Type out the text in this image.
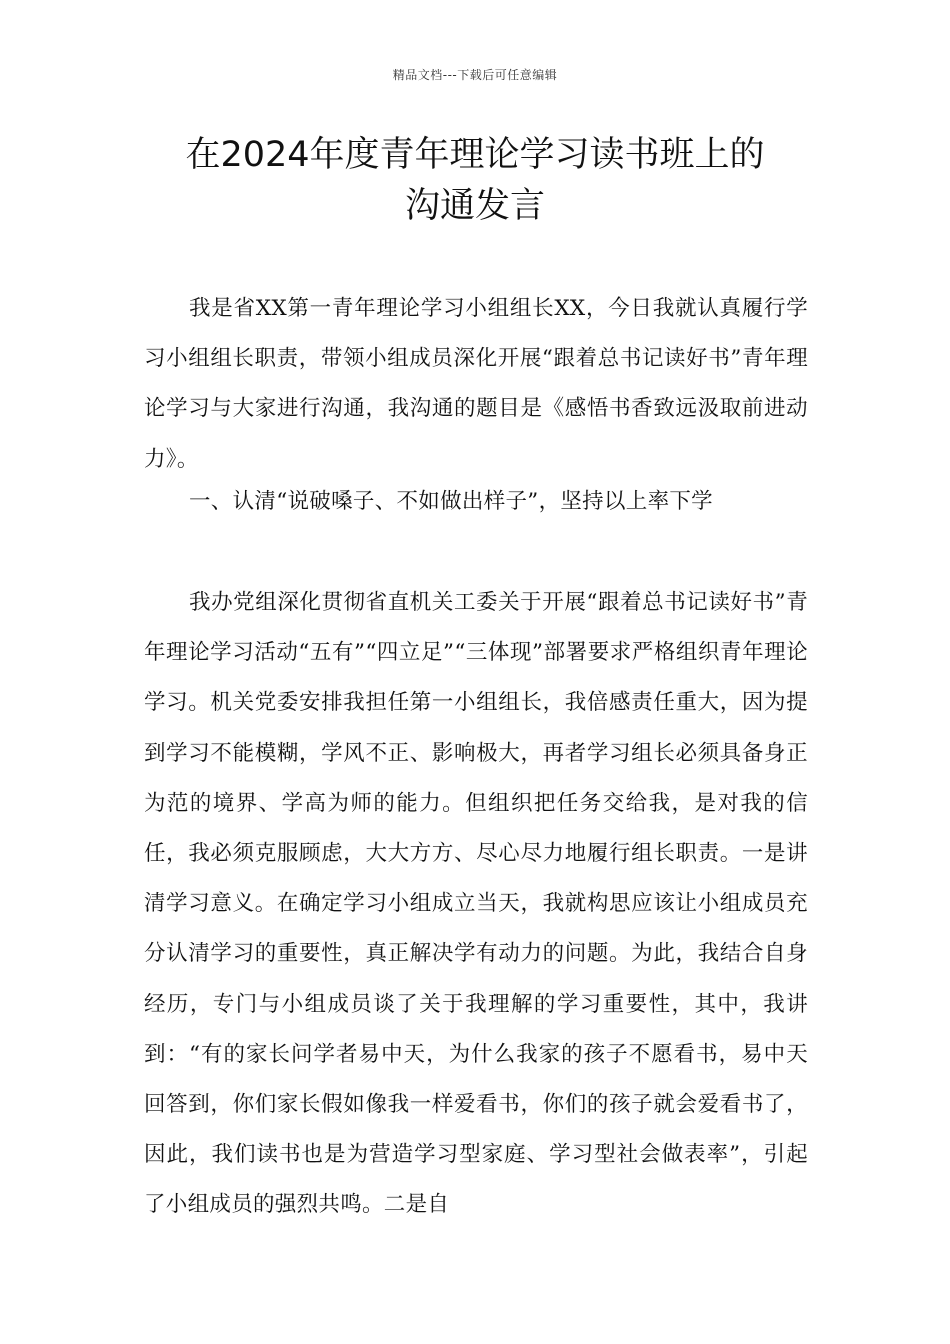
精品文档---下载后可任意编辑
在2024年度青年理论学习读书班上的
沟通发言
我是省XX第一青年理论学习小组组长XX，今日我就认真履行学习小组组长职责，带领小组成员深化开展“跟着总书记读好书”青年理论学习与大家进行沟通，我沟通的题目是《感悟书香致远汲取前进动力》。
一、认清“说破嗓子、不如做出样子”，坚持以上率下学
我办党组深化贯彻省直机关工委关于开展“跟着总书记读好书”青年理论学习活动“五有”“四立足”“三体现”部署要求严格组织青年理论学习。机关党委安排我担任第一小组组长，我倍感责任重大，因为提到学习不能模糊，学风不正、影响极大，再者学习组长必须具备身正为范的境界、学高为师的能力。但组织把任务交给我，是对我的信任，我必须克服顾虑，大大方方、尽心尽力地履行组长职责。一是讲清学习意义。在确定学习小组成立当天，我就构思应该让小组成员充分认清学习的重要性，真正解决学有动力的问题。为此，我结合自身经历，专门与小组成员谈了关于我理解的学习重要性，其中，我讲到：“有的家长问学者易中天，为什么我家的孩子不愿看书，易中天回答到，你们家长假如像我一样爱看书，你们的孩子就会爱看书了，因此，我们读书也是为营造学习型家庭、学习型社会做表率”，引起了小组成员的强烈共鸣。二是自
